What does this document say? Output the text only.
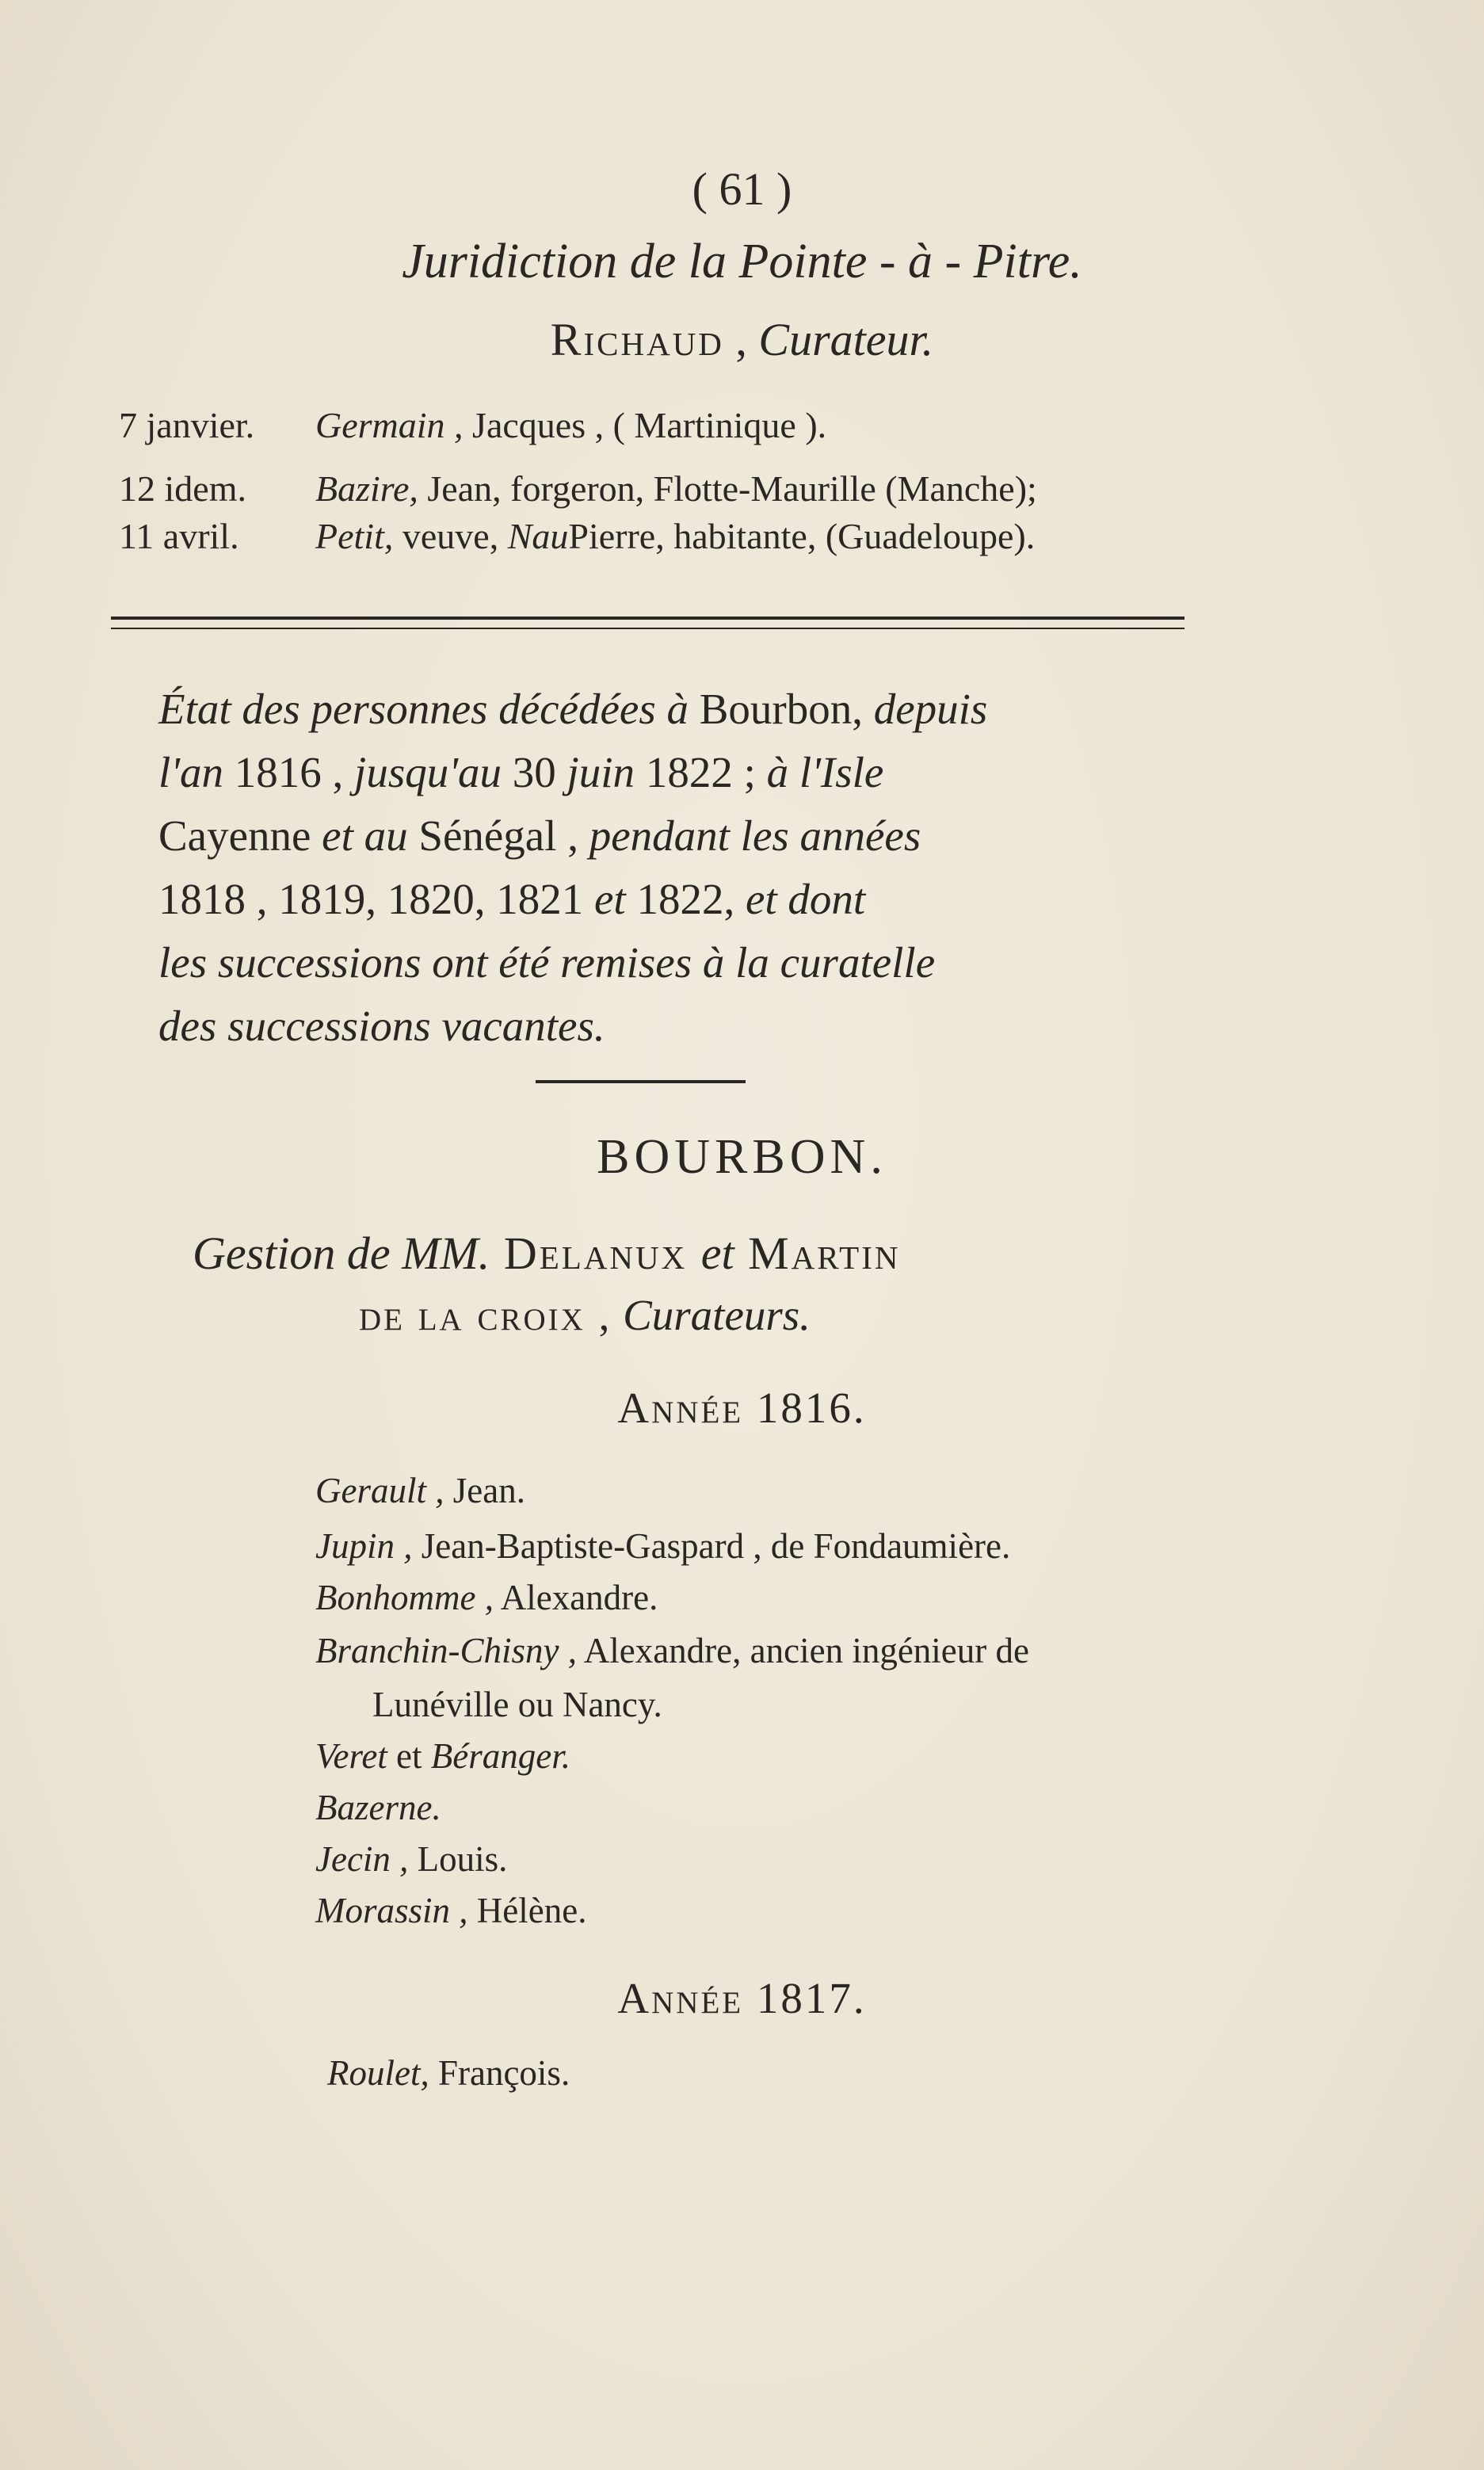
( 61 )
Juridiction de la Pointe - à - Pitre.
Richaud , Curateur.
7 janvier. Germain , Jacques , ( Martinique ).
12 idem. Bazire, Jean, forgeron, Flotte-Maurille (Manche);
11 avril. Petit, veuve, NauPierre, habitante, (Guadeloupe).
État des personnes décédées à Bourbon, depuis
l'an 1816 , jusqu'au 30 juin 1822 ; à l'Isle
Cayenne et au Sénégal , pendant les années
1818 , 1819, 1820, 1821 et 1822, et dont
les successions ont été remises à la curatelle
des successions vacantes.
BOURBON.
Gestion de MM. Delanux et Martin
de la croix , Curateurs.
Année 1816.
Gerault , Jean.
Jupin , Jean-Baptiste-Gaspard , de Fondaumière.
Bonhomme , Alexandre.
Branchin-Chisny , Alexandre, ancien ingénieur de
Lunéville ou Nancy.
Veret et Béranger.
Bazerne.
Jecin , Louis.
Morassin , Hélène.
Année 1817.
Roulet, François.
